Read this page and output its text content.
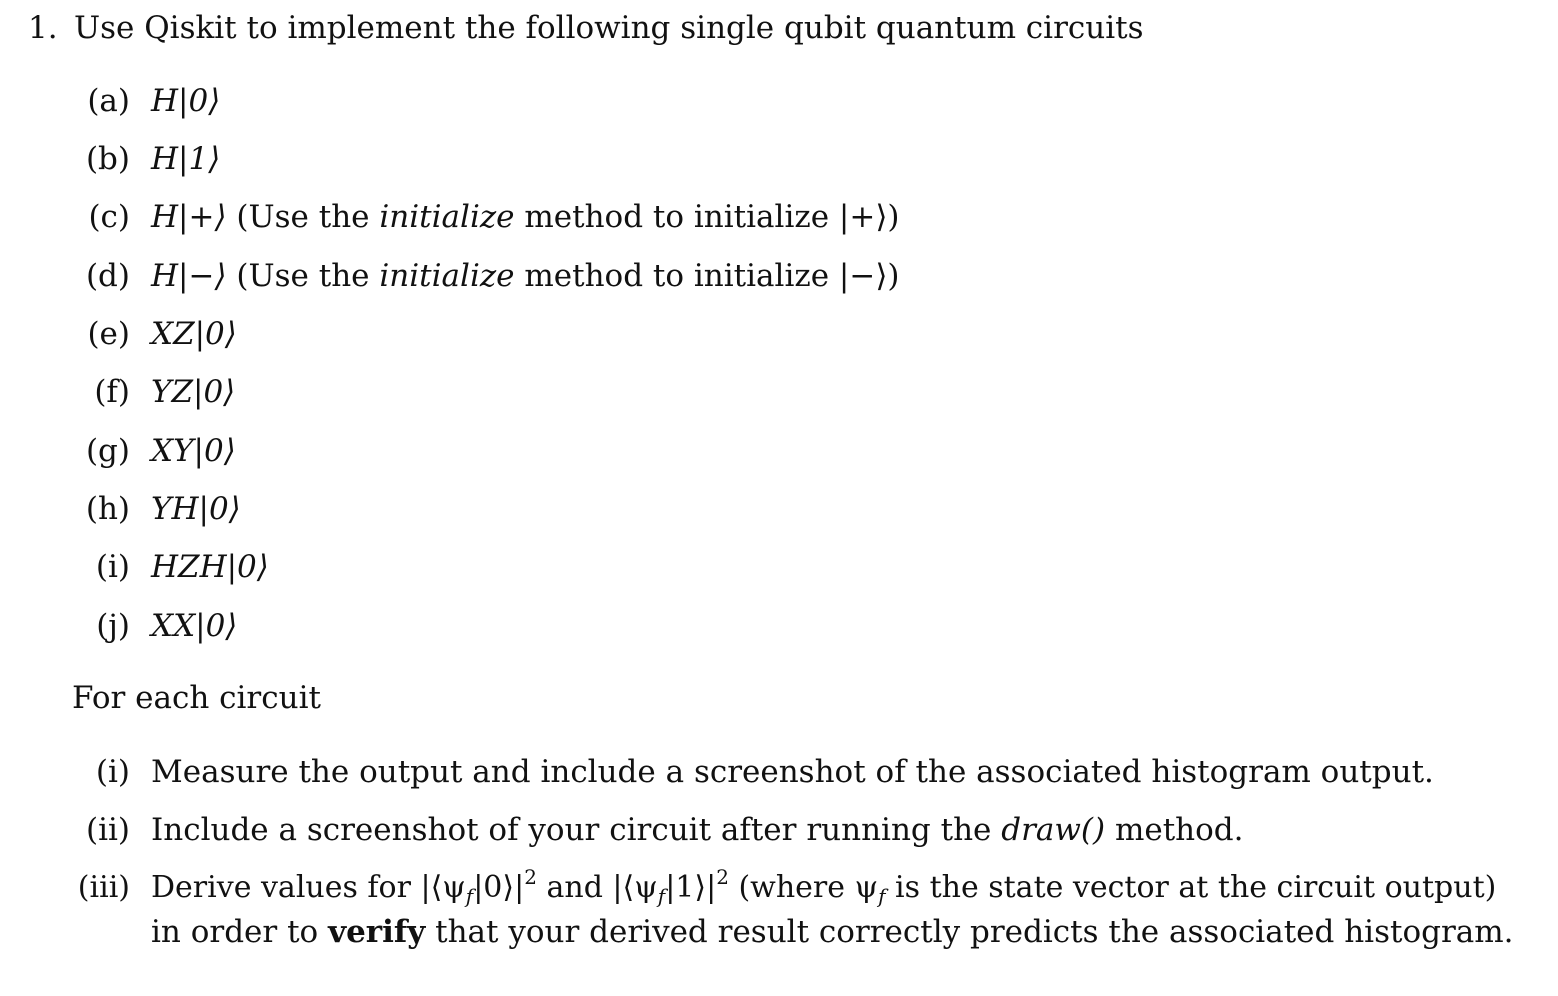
1. Use Qiskit to implement the following single qubit quantum circuits
(a) H|0⟩
(b) H|1⟩
(c) H|+⟩ (Use the initialize method to initialize |+⟩)
(d) H|−⟩ (Use the initialize method to initialize |−⟩)
(e) XZ|0⟩
(f) YZ|0⟩
(g) XY|0⟩
(h) YH|0⟩
(i) HZH|0⟩
(j) XX|0⟩
For each circuit
(i) Measure the output and include a screenshot of the associated histogram output.
(ii) Include a screenshot of your circuit after running the draw() method.
(iii) Derive values for $|⟨\psi_f|0⟩|^2$ and $|⟨\psi_f|1⟩|^2$ (where $\psi_f$ is the state vector at the circuit output)
in order to verify that your derived result correctly predicts the associated histogram.
